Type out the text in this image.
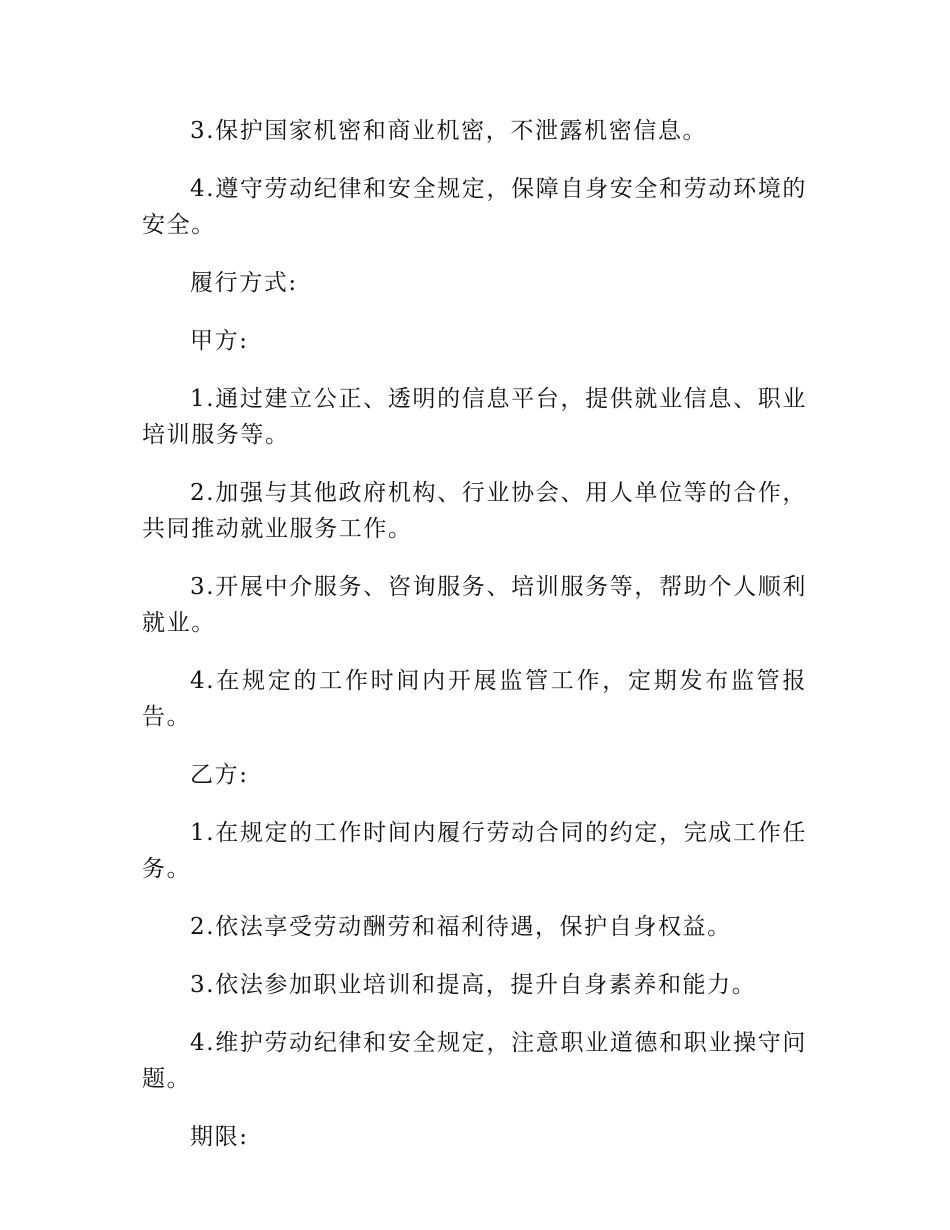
3.保护国家机密和商业机密，不泄露机密信息。

4.遵守劳动纪律和安全规定，保障自身安全和劳动环境的安全。

履行方式:

甲方:

1.通过建立公正、透明的信息平台，提供就业信息、职业培训服务等。

2.加强与其他政府机构、行业协会、用人单位等的合作，共同推动就业服务工作。

3.开展中介服务、咨询服务、培训服务等，帮助个人顺利就业。

4.在规定的工作时间内开展监管工作，定期发布监管报告。

乙方:

1.在规定的工作时间内履行劳动合同的约定，完成工作任务。

2.依法享受劳动酬劳和福利待遇，保护自身权益。

3.依法参加职业培训和提高，提升自身素养和能力。

4.维护劳动纪律和安全规定，注意职业道德和职业操守问题。

期限:
